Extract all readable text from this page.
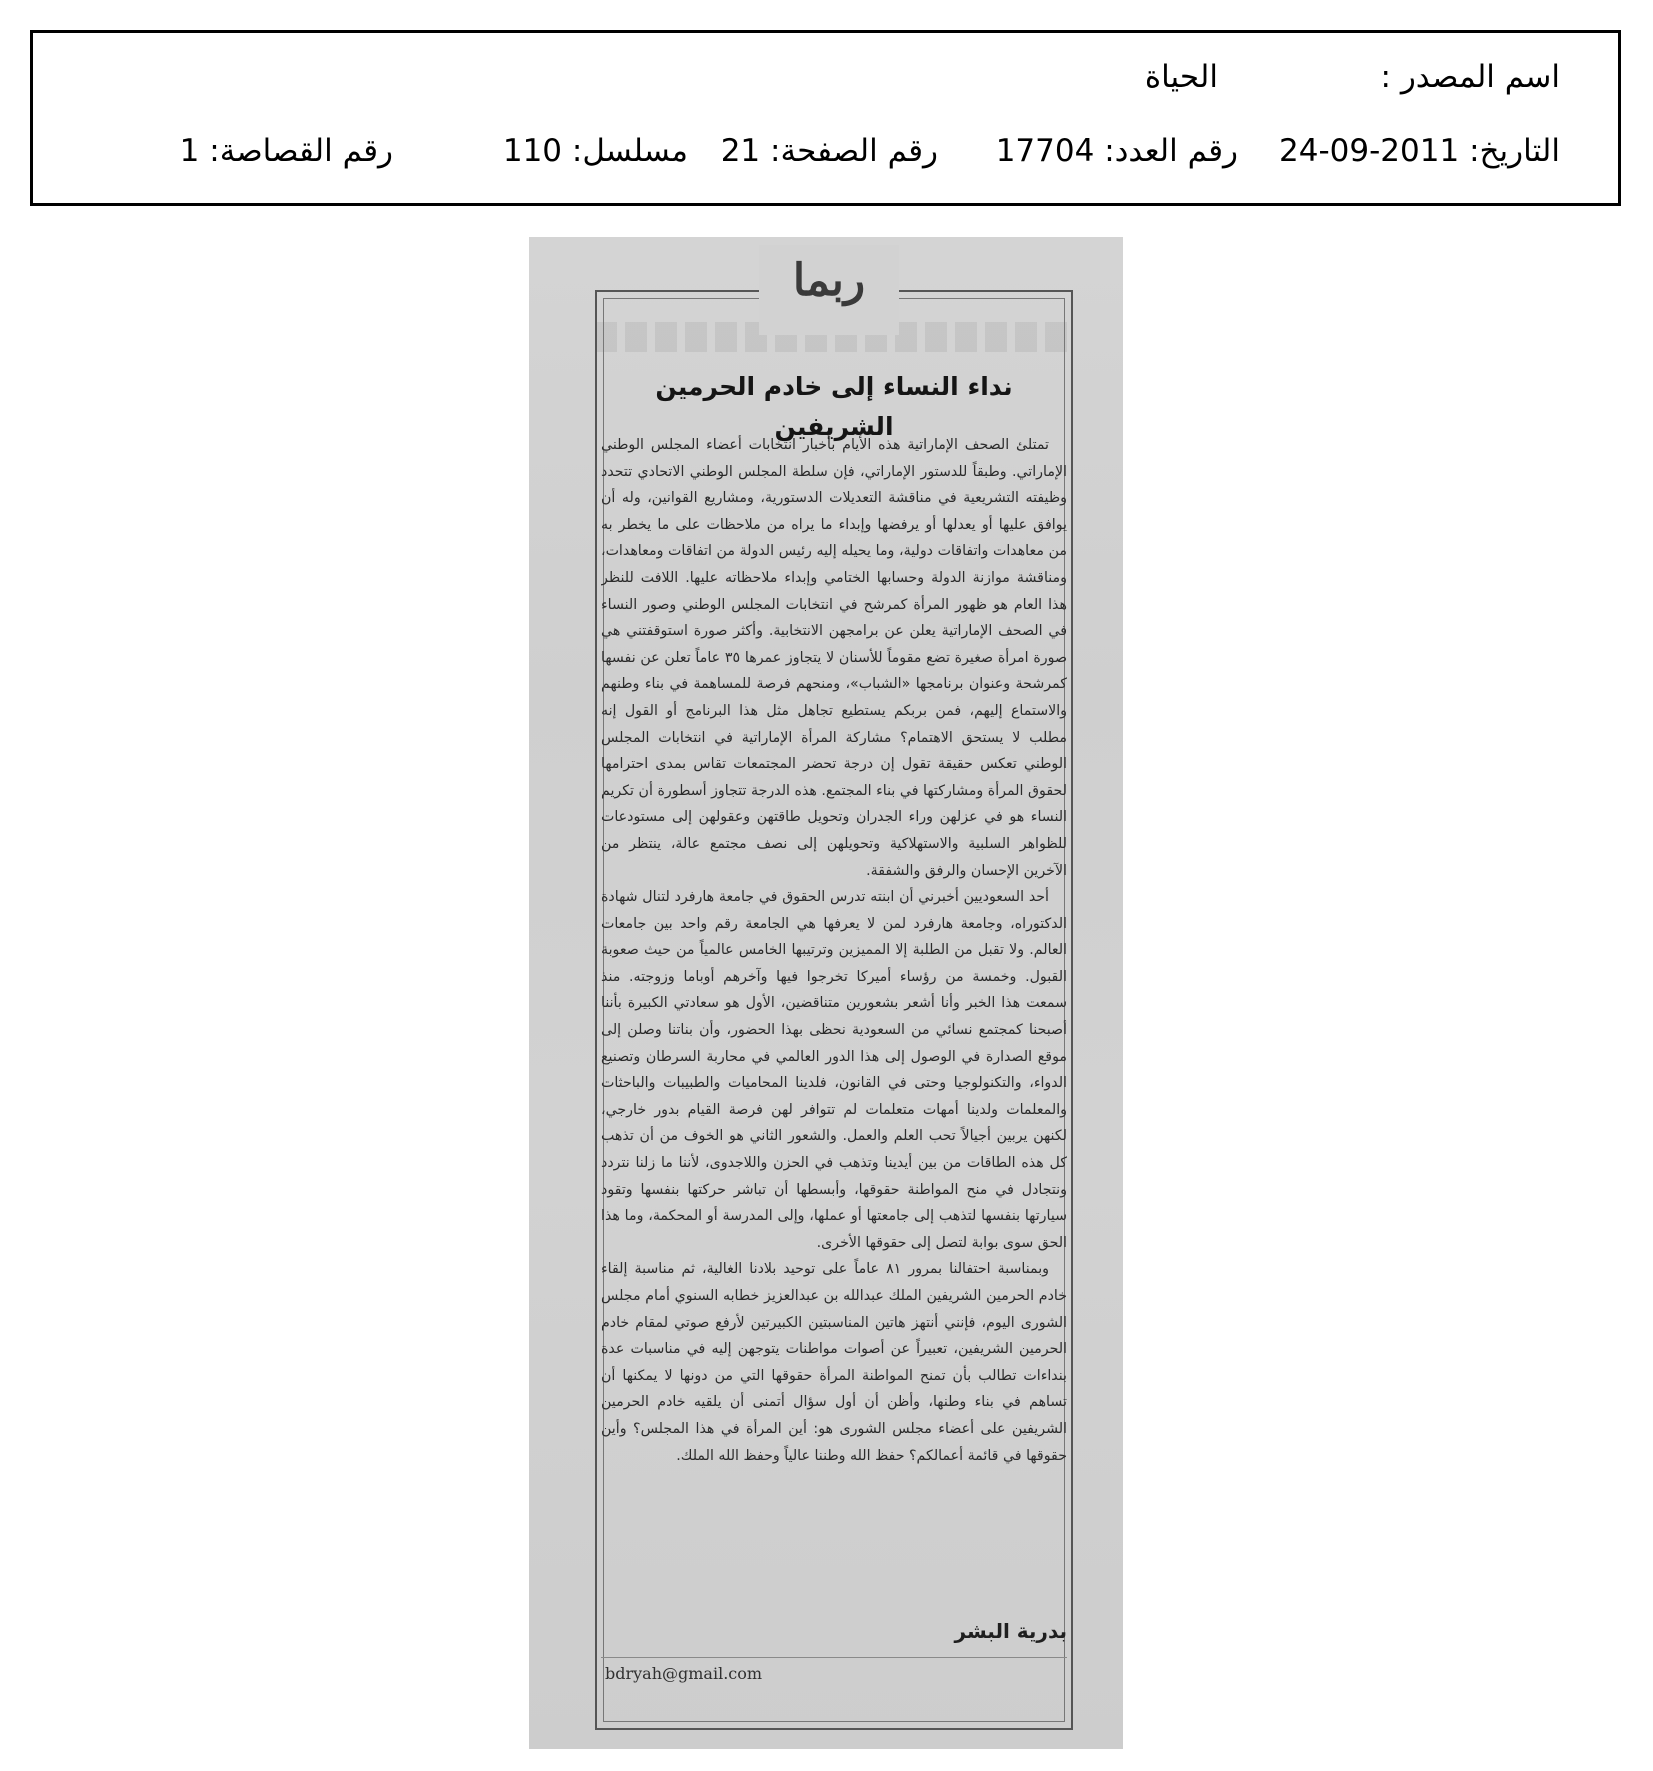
اسم المصدر :
الحياة
التاريخ: 24-09-2011
رقم العدد: 17704
رقم الصفحة: 21
مسلسل: 110
رقم القصاصة: 1
ربما
نداء النساء إلى خادم الحرمين الشريفين

تمتلئ الصحف الإماراتية هذه الأيام بأخبار انتخابات أعضاء المجلس الوطني الإماراتي. وطبقاً للدستور الإماراتي، فإن سلطة المجلس الوطني الاتحادي تتحدد وظيفته التشريعية في مناقشة التعديلات الدستورية، ومشاريع القوانين، وله أن يوافق عليها أو يعدلها أو يرفضها وإبداء ما يراه من ملاحظات على ما يخطر به من معاهدات واتفاقات دولية، وما يحيله إليه رئيس الدولة من اتفاقات ومعاهدات، ومناقشة موازنة الدولة وحسابها الختامي وإبداء ملاحظاته عليها. اللافت للنظر هذا العام هو ظهور المرأة كمرشح في انتخابات المجلس الوطني وصور النساء في الصحف الإماراتية يعلن عن برامجهن الانتخابية. وأكثر صورة استوقفتني هي صورة امرأة صغيرة تضع مقوماً للأسنان لا يتجاوز عمرها ٣٥ عاماً تعلن عن نفسها كمرشحة وعنوان برنامجها «الشباب»، ومنحهم فرصة للمساهمة في بناء وطنهم والاستماع إليهم، فمن بربكم يستطيع تجاهل مثل هذا البرنامج أو القول إنه مطلب لا يستحق الاهتمام؟ مشاركة المرأة الإماراتية في انتخابات المجلس الوطني تعكس حقيقة تقول إن درجة تحضر المجتمعات تقاس بمدى احترامها لحقوق المرأة ومشاركتها في بناء المجتمع. هذه الدرجة تتجاوز أسطورة أن تكريم النساء هو في عزلهن وراء الجدران وتحويل طاقتهن وعقولهن إلى مستودعات للظواهر السلبية والاستهلاكية وتحويلهن إلى نصف مجتمع عالة، ينتظر من الآخرين الإحسان والرفق والشفقة.

أحد السعوديين أخبرني أن ابنته تدرس الحقوق في جامعة هارفرد لتنال شهادة الدكتوراه، وجامعة هارفرد لمن لا يعرفها هي الجامعة رقم واحد بين جامعات العالم. ولا تقبل من الطلبة إلا المميزين وترتيبها الخامس عالمياً من حيث صعوبة القبول. وخمسة من رؤساء أميركا تخرجوا فيها وآخرهم أوباما وزوجته. منذ سمعت هذا الخبر وأنا أشعر بشعورين متناقضين، الأول هو سعادتي الكبيرة بأننا أصبحنا كمجتمع نسائي من السعودية نحظى بهذا الحضور، وأن بناتنا وصلن إلى موقع الصدارة في الوصول إلى هذا الدور العالمي في محاربة السرطان وتصنيع الدواء، والتكنولوجيا وحتى في القانون، فلدينا المحاميات والطبيبات والباحثات والمعلمات ولدينا أمهات متعلمات لم تتوافر لهن فرصة القيام بدور خارجي، لكنهن يربين أجيالاً تحب العلم والعمل. والشعور الثاني هو الخوف من أن تذهب كل هذه الطاقات من بين أيدينا وتذهب في الحزن واللاجدوى، لأننا ما زلنا نتردد ونتجادل في منح المواطنة حقوقها، وأبسطها أن تباشر حركتها بنفسها وتقود سيارتها بنفسها لتذهب إلى جامعتها أو عملها، وإلى المدرسة أو المحكمة، وما هذا الحق سوى بوابة لتصل إلى حقوقها الأخرى.

وبمناسبة احتفالنا بمرور ٨١ عاماً على توحيد بلادنا الغالية، ثم مناسبة إلقاء خادم الحرمين الشريفين الملك عبدالله بن عبدالعزيز خطابه السنوي أمام مجلس الشورى اليوم، فإنني أنتهز هاتين المناسبتين الكبيرتين لأرفع صوتي لمقام خادم الحرمين الشريفين، تعبيراً عن أصوات مواطنات يتوجهن إليه في مناسبات عدة بنداءات تطالب بأن تمنح المواطنة المرأة حقوقها التي من دونها لا يمكنها أن تساهم في بناء وطنها، وأظن أن أول سؤال أتمنى أن يلقيه خادم الحرمين الشريفين على أعضاء مجلس الشورى هو: أين المرأة في هذا المجلس؟ وأين حقوقها في قائمة أعمالكم؟ حفظ الله وطننا عالياً وحفظ الله الملك.

بدرية البشر
bdryah@gmail.com
